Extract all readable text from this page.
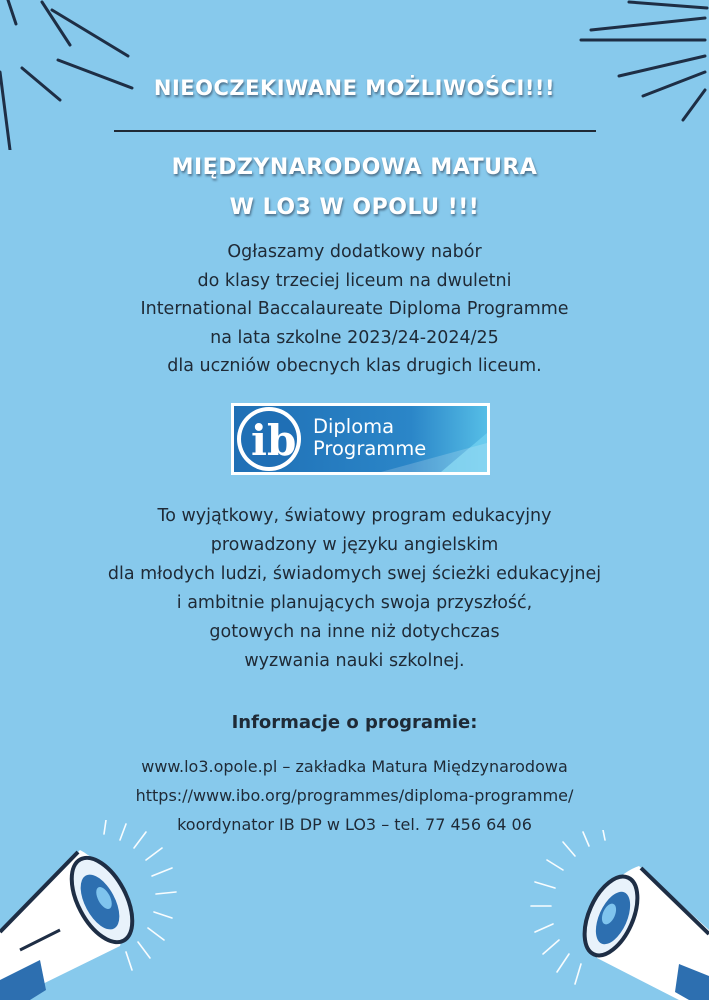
NIEOCZEKIWANE MOŻLIWOŚCI!!!
MIĘDZYNARODOWA MATURA
W LO3 W OPOLU !!!
Ogłaszamy dodatkowy nabór
do klasy trzeciej liceum na dwuletni
International Baccalaureate Diploma Programme
na lata szkolne 2023/24-2024/25
dla uczniów obecnych klas drugich liceum.
ib Diploma
Programme
To wyjątkowy, światowy program edukacyjny
prowadzony w języku angielskim
dla młodych ludzi, świadomych swej ścieżki edukacyjnej
i ambitnie planujących swoja przyszłość,
gotowych na inne niż dotychczas
wyzwania nauki szkolnej.
Informacje o programie:
www.lo3.opole.pl – zakładka Matura Międzynarodowa
https://www.ibo.org/programmes/diploma-programme/
koordynator IB DP w LO3 – tel. 77 456 64 06
